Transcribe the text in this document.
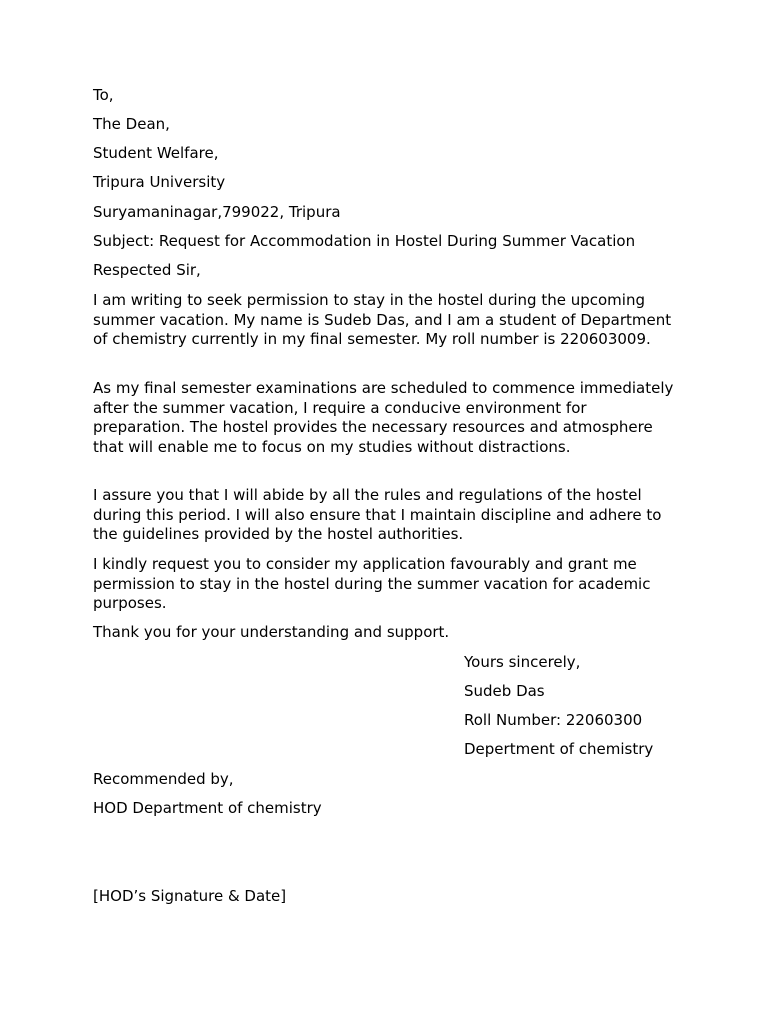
To,
The Dean,
Student Welfare,
Tripura University
Suryamaninagar,799022, Tripura
Subject: Request for Accommodation in Hostel During Summer Vacation
Respected Sir,
I am writing to seek permission to stay in the hostel during the upcoming summer vacation. My name is Sudeb Das, and I am a student of Department of chemistry currently in my final semester. My roll number is 220603009.
As my final semester examinations are scheduled to commence immediately after the summer vacation, I require a conducive environment for preparation. The hostel provides the necessary resources and atmosphere that will enable me to focus on my studies without distractions.
I assure you that I will abide by all the rules and regulations of the hostel during this period. I will also ensure that I maintain discipline and adhere to the guidelines provided by the hostel authorities.
I kindly request you to consider my application favourably and grant me permission to stay in the hostel during the summer vacation for academic purposes.
Thank you for your understanding and support.
Yours sincerely,
Sudeb Das
Roll Number: 22060300
Depertment of chemistry
Recommended by,
HOD Department of chemistry
[HOD’s Signature & Date]
